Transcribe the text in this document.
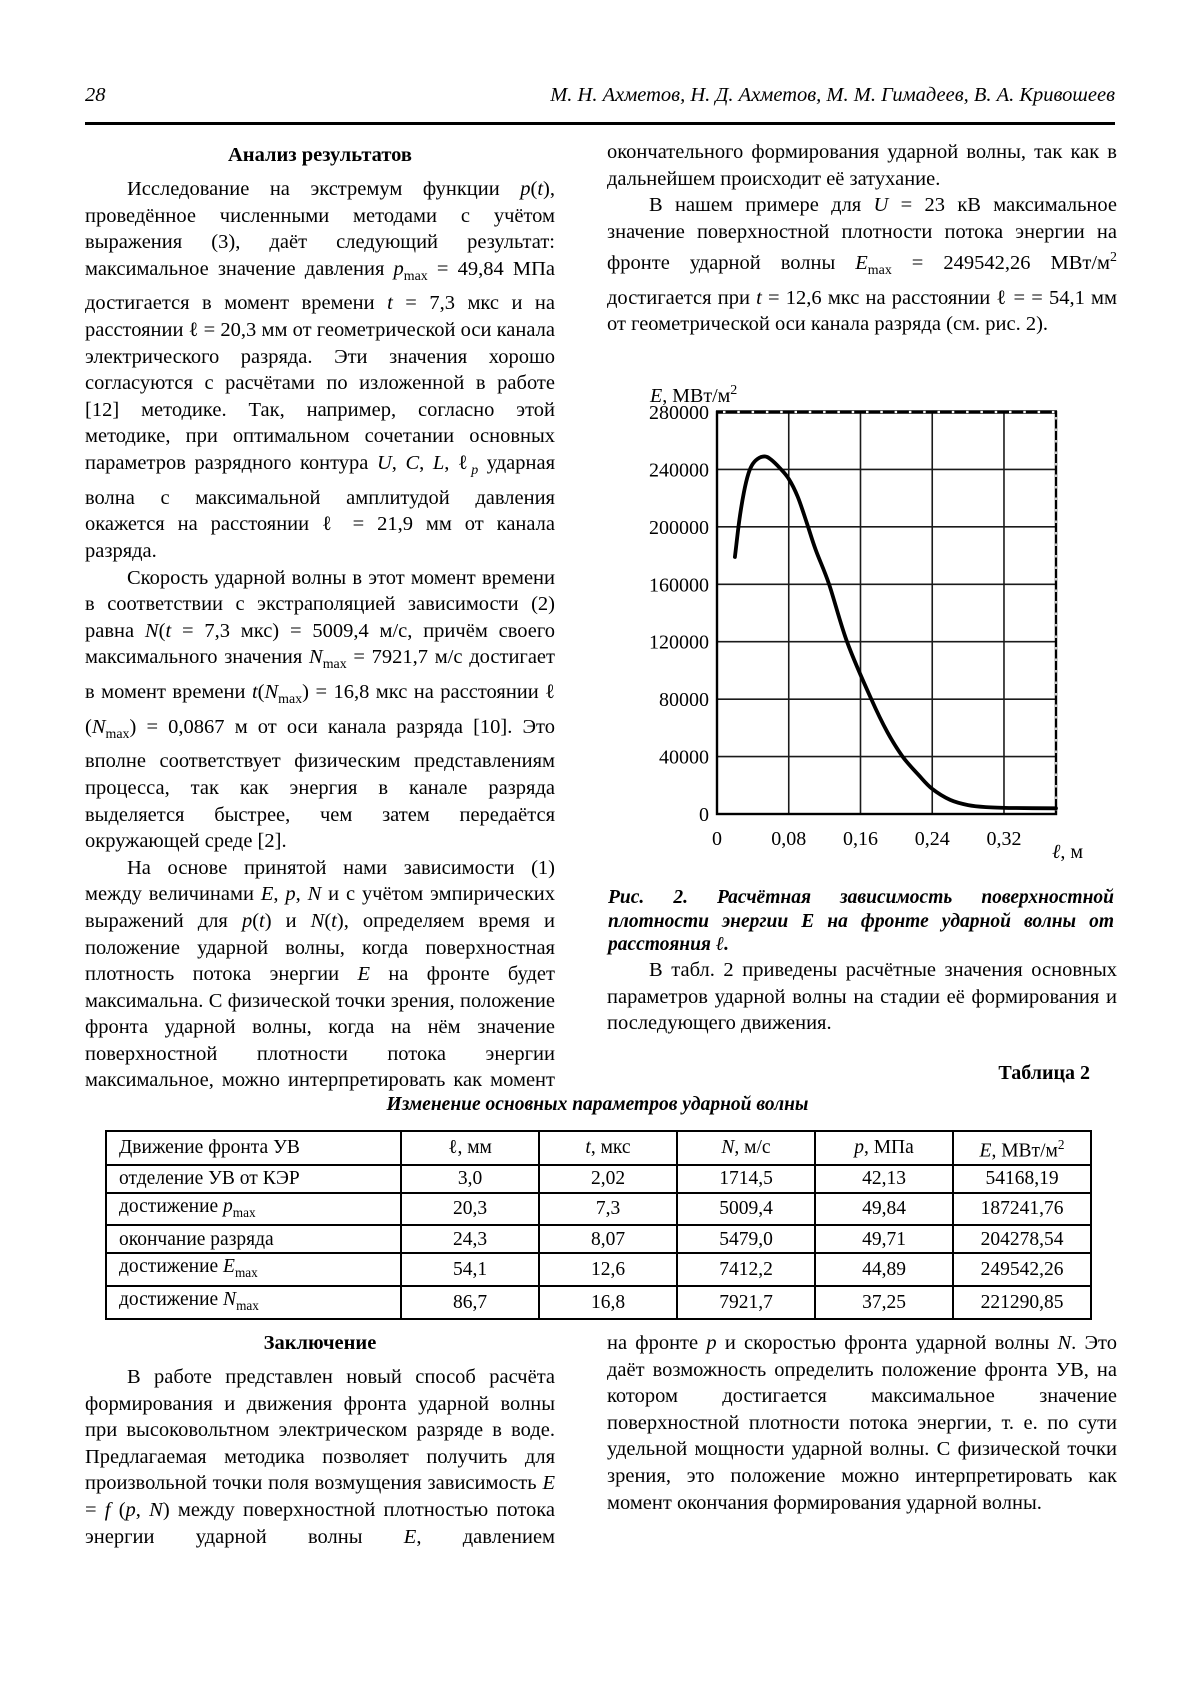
28	М. Н. Ахметов, Н. Д. Ахметов, М. М. Гимадеев, В. А. Кривошеев
Анализ результатов

Исследование на экстремум функции p(t), проведённое численными методами с учётом выражения (3), даёт следующий результат: максимальное значение давления $p_{max} = 49,84$ МПа достигается в момент времени t = 7,3 мкс и на расстоянии ℓ = 20,3 мм от геометрической оси канала электрического разряда. Эти значения хорошо согласуются с расчётами по изложенной в работе [12] методике. Так, например, согласно этой методике, при оптимальном сочетании основных параметров разрядного контура U, C, L, ℓ$_p$ ударная волна с максимальной амплитудой давления окажется на расстоянии ℓ = 21,9 мм от канала разряда.

Скорость ударной волны в этот момент времени в соответствии с экстраполяцией зависимости (2) равна N(t = 7,3 мкс) = 5009,4 м/с, причём своего максимального значения $N_{max} = 7921,7$ м/с достигает в момент времени $t(N_{max}) = 16,8$ мкс на расстоянии ℓ $(N_{max}) = 0,0867$ м от оси канала разряда [10]. Это вполне соответствует физическим представлениям процесса, так как энергия в канале разряда выделяется быстрее, чем затем передаётся окружающей среде [2].

На основе принятой нами зависимости (1) между величинами E, p, N и с учётом эмпирических выражений для p(t) и N(t), определяем время и положение ударной волны, когда поверхностная плотность потока энергии E на фронте будет максимальна. С физической точки зрения, положение фронта ударной волны, когда на нём значение поверхностной плотности потока энергии максимальное, можно интерпретировать как момент

окончательного формирования ударной волны, так как в дальнейшем происходит её затухание.

В нашем примере для U = 23 кВ максимальное значение поверхностной плотности потока энергии на фронте ударной волны $E_{max} = 249542,26$ МВт/$м^2$ достигается при t = 12,6 мкс на расстоянии ℓ = = 54,1 мм от геометрической оси канала разряда (см. рис. 2).

0
40000
80000
120000
160000
200000
240000
280000
0 0,08 0,16 0,24 0,32
E, МВт/$м^2$
ℓ, м
Рис. 2. Расчётная зависимость поверхностной плотности энергии Е на фронте ударной волны от расстояния ℓ.

В табл. 2 приведены расчётные значения основных параметров ударной волны на стадии её формирования и последующего движения.

Таблица 2
Изменение основных параметров ударной волны
Движение фронта УВ	ℓ, мм	t, мкс	N, м/с	p, МПа	E, МВт/$м^2$
отделение УВ от КЭР	3,0	2,02	1714,5	42,13	54168,19
достижение $p_{max}$	20,3	7,3	5009,4	49,84	187241,76
окончание разряда	24,3	8,07	5479,0	49,71	204278,54
достижение $E_{max}$	54,1	12,6	7412,2	44,89	249542,26
достижение $N_{max}$	86,7	16,8	7921,7	37,25	221290,85
Заключение

В работе представлен новый способ расчёта формирования и движения фронта ударной волны при высоковольтном электрическом разряде в воде. Предлагаемая методика позволяет получить для произвольной точки поля возмущения зависимость E = f (p, N) между поверхностной плотностью потока энергии ударной волны E, давлением

на фронте p и скоростью фронта ударной волны N. Это даёт возможность определить положение фронта УВ, на котором достигается максимальное значение поверхностной плотности потока энергии, т. е. по сути удельной мощности ударной волны. С физической точки зрения, это положение можно интерпретировать как момент окончания формирования ударной волны.
